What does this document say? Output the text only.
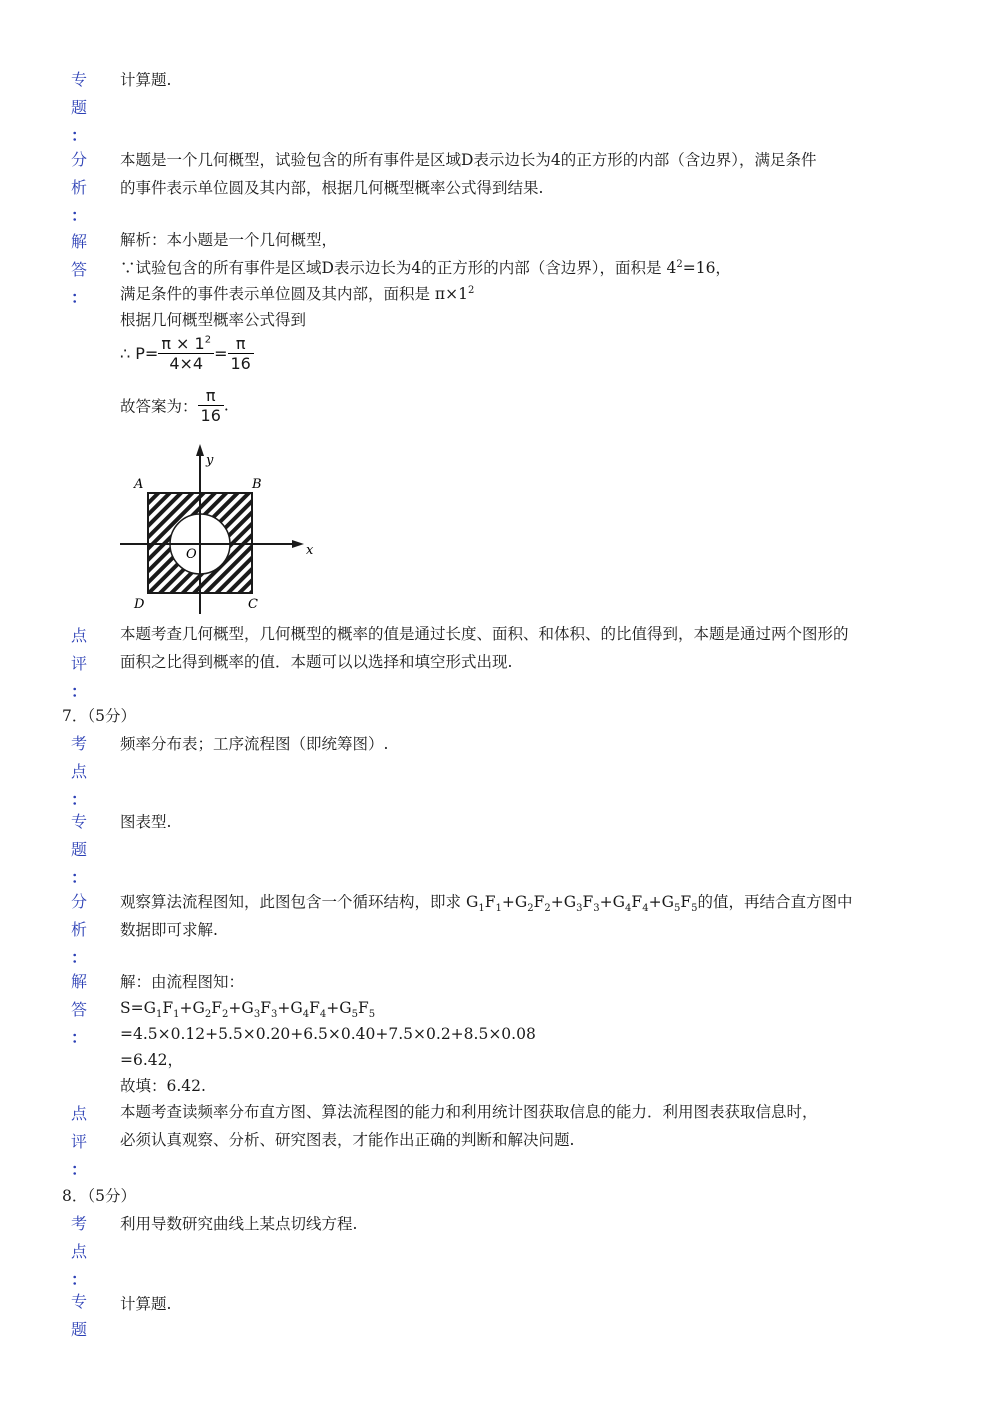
专
题
：
计算题.
分
析
：
本题是一个几何概型，试验包含的所有事件是区域D表示边长为4的正方形的内部（含边界），满足条件
的事件表示单位圆及其内部，根据几何概型概率公式得到结果.
解
答
：
解析：本小题是一个几何概型，
∵试验包含的所有事件是区域D表示边长为4的正方形的内部（含边界），面积是 $4^2=16$，
满足条件的事件表示单位圆及其内部，面积是 $\pi\times 1^2$
根据几何概型概率公式得到
∴ $P= \frac{\pi \times 1^2}{4\times 4} = \frac{\pi}{16}$
故答案为： $\frac{\pi}{16}$ .
A	B
C
D
O	x
y
点
评
：
本题考查几何概型，几何概型的概率的值是通过长度、面积、和体积、的比值得到，本题是通过两个图形的
面积之比得到概率的值．本题可以以选择和填空形式出现.
7．（5分）
考
点
：
频率分布表；工序流程图（即统筹图）.
专
题
：
图表型.
分
析
：
观察算法流程图知，此图包含一个循环结构，即求 $G_1F_1+G_2F_2+G_3F_3+G_4F_4+G_5F_5$的值，再结合直方图中
数据即可求解.
解
答
：
解：由流程图知：
$S=G_1F_1+G_2F_2+G_3F_3+G_4F_4+G_5F_5$
=4.5×0.12+5.5×0.20+6.5×0.40+7.5×0.2+8.5×0.08
=6.42，
故填：6.42.
点
评
：
本题考查读频率分布直方图、算法流程图的能力和利用统计图获取信息的能力．利用图表获取信息时，
必须认真观察、分析、研究图表，才能作出正确的判断和解决问题.
8．（5分）
考
点
：
利用导数研究曲线上某点切线方程.
专
题
计算题.
